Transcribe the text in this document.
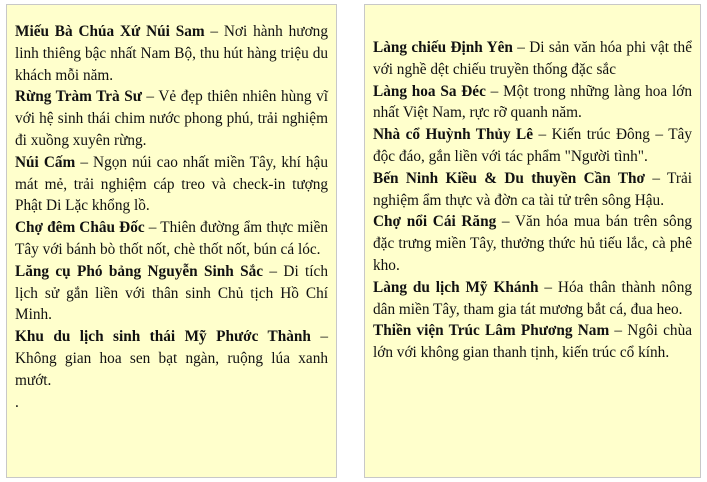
Miếu Bà Chúa Xứ Núi Sam – Nơi hành hương linh thiêng bậc nhất Nam Bộ, thu hút hàng triệu du khách mỗi năm.

Rừng Tràm Trà Sư – Vẻ đẹp thiên nhiên hùng vĩ với hệ sinh thái chim nước phong phú, trải nghiệm đi xuồng xuyên rừng.

Núi Cấm – Ngọn núi cao nhất miền Tây, khí hậu mát mẻ, trải nghiệm cáp treo và check-in tượng Phật Di Lặc khổng lồ.

Chợ đêm Châu Đốc – Thiên đường ẩm thực miền Tây với bánh bò thốt nốt, chè thốt nốt, bún cá lóc.

Lăng cụ Phó bảng Nguyễn Sinh Sắc – Di tích lịch sử gắn liền với thân sinh Chủ tịch Hồ Chí Minh.

Khu du lịch sinh thái Mỹ Phước Thành – Không gian hoa sen bạt ngàn, ruộng lúa xanh mướt.

.

Làng chiếu Định Yên – Di sản văn hóa phi vật thể với nghề dệt chiếu truyền thống đặc sắc

Làng hoa Sa Đéc – Một trong những làng hoa lớn nhất Việt Nam, rực rỡ quanh năm.

Nhà cổ Huỳnh Thủy Lê – Kiến trúc Đông – Tây độc đáo, gắn liền với tác phẩm "Người tình".

Bến Ninh Kiều & Du thuyền Cần Thơ – Trải nghiệm ẩm thực và đờn ca tài tử trên sông Hậu.

Chợ nổi Cái Răng – Văn hóa mua bán trên sông đặc trưng miền Tây, thưởng thức hủ tiếu lắc, cà phê kho.

Làng du lịch Mỹ Khánh – Hóa thân thành nông dân miền Tây, tham gia tát mương bắt cá, đua heo.

Thiền viện Trúc Lâm Phương Nam – Ngôi chùa lớn với không gian thanh tịnh, kiến trúc cổ kính.
